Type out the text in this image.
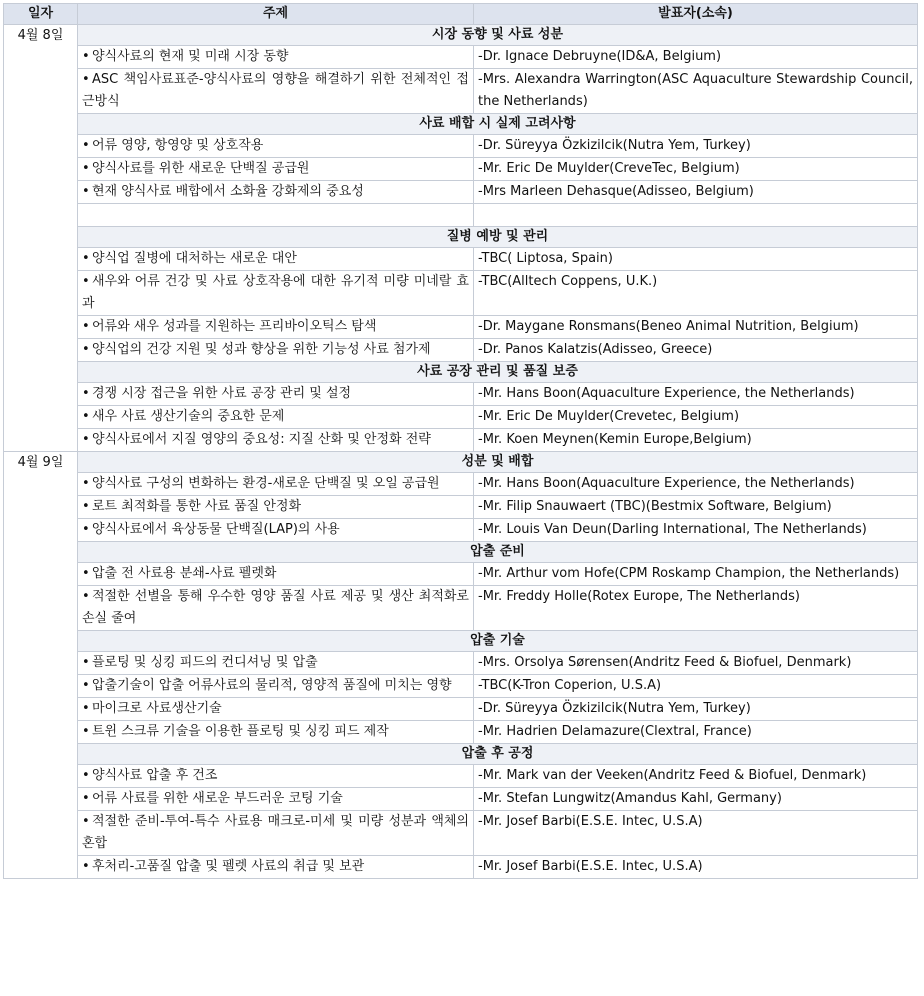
일자	주제	발표자(소속)
4월 8일	시장 동향 및 사료 성분	
	• 양식사료의 현재 및 미래 시장 동향	-Dr. Ignace Debruyne(ID&A, Belgium)
	• ASC 책임사료표준-양식사료의 영향을 해결하기 위한 전체적인 접근방식	-Mrs. Alexandra Warrington(ASC Aquaculture Stewardship Council, the Netherlands)
	사료 배합 시 실제 고려사항	
	• 어류 영양, 항영양 및 상호작용	-Dr. Süreyya Özkizilcik(Nutra Yem, Turkey)
	• 양식사료를 위한 새로운 단백질 공급원	-Mr. Eric De Muylder(CreveTec, Belgium)
	• 현재 양식사료 배합에서 소화율 강화제의 중요성	-Mrs Marleen Dehasque(Adisseo, Belgium)

	질병 예방 및 관리	
	• 양식업 질병에 대처하는 새로운 대안	-TBC( Liptosa, Spain)
	• 새우와 어류 건강 및 사료 상호작용에 대한 유기적 미량 미네랄 효과	-TBC(Alltech Coppens, U.K.)
	• 어류와 새우 성과를 지원하는 프리바이오틱스 탐색	-Dr. Maygane Ronsmans(Beneo Animal Nutrition, Belgium)
	• 양식업의 건강 지원 및 성과 향상을 위한 기능성 사료 첨가제	-Dr. Panos Kalatzis(Adisseo, Greece)
	사료 공장 관리 및 품질 보증	
	• 경쟁 시장 접근을 위한 사료 공장 관리 및 설정	-Mr. Hans Boon(Aquaculture Experience, the Netherlands)
	• 새우 사료 생산기술의 중요한 문제	-Mr. Eric De Muylder(Crevetec, Belgium)
	• 양식사료에서 지질 영양의 중요성: 지질 산화 및 안정화 전략	-Mr. Koen Meynen(Kemin Europe,Belgium)
4월 9일	성분 및 배합	
	• 양식사료 구성의 변화하는 환경-새로운 단백질 및 오일 공급원	-Mr. Hans Boon(Aquaculture Experience, the Netherlands)
	• 로트 최적화를 통한 사료 품질 안정화	-Mr. Filip Snauwaert (TBC)(Bestmix Software, Belgium)
	• 양식사료에서 육상동물 단백질(LAP)의 사용	-Mr. Louis Van Deun(Darling International, The Netherlands)
	압출 준비	
	• 압출 전 사료용 분쇄-사료 펠렛화	-Mr. Arthur vom Hofe(CPM Roskamp Champion, the Netherlands)
	• 적절한 선별을 통해 우수한 영양 품질 사료 제공 및 생산 최적화로 손실 줄여	-Mr. Freddy Holle(Rotex Europe, The Netherlands)
	압출 기술	
	• 플로팅 및 싱킹 피드의 컨디셔닝 및 압출	-Mrs. Orsolya Sørensen(Andritz Feed & Biofuel, Denmark)
	• 압출기술이 압출 어류사료의 물리적, 영양적 품질에 미치는 영향	-TBC(K-Tron Coperion, U.S.A)
	• 마이크로 사료생산기술	-Dr. Süreyya Özkizilcik(Nutra Yem, Turkey)
	• 트윈 스크류 기술을 이용한 플로팅 및 싱킹 피드 제작	-Mr. Hadrien Delamazure(Clextral, France)
	압출 후 공정	
	• 양식사료 압출 후 건조	-Mr. Mark van der Veeken(Andritz Feed & Biofuel, Denmark)
	• 어류 사료를 위한 새로운 부드러운 코팅 기술	-Mr. Stefan Lungwitz(Amandus Kahl, Germany)
	• 적절한 준비-투여-특수 사료용 매크로-미세 및 미량 성분과 액체의 혼합	-Mr. Josef Barbi(E.S.E. Intec, U.S.A)
	• 후처리-고품질 압출 및 펠렛 사료의 취급 및 보관	-Mr. Josef Barbi(E.S.E. Intec, U.S.A)
